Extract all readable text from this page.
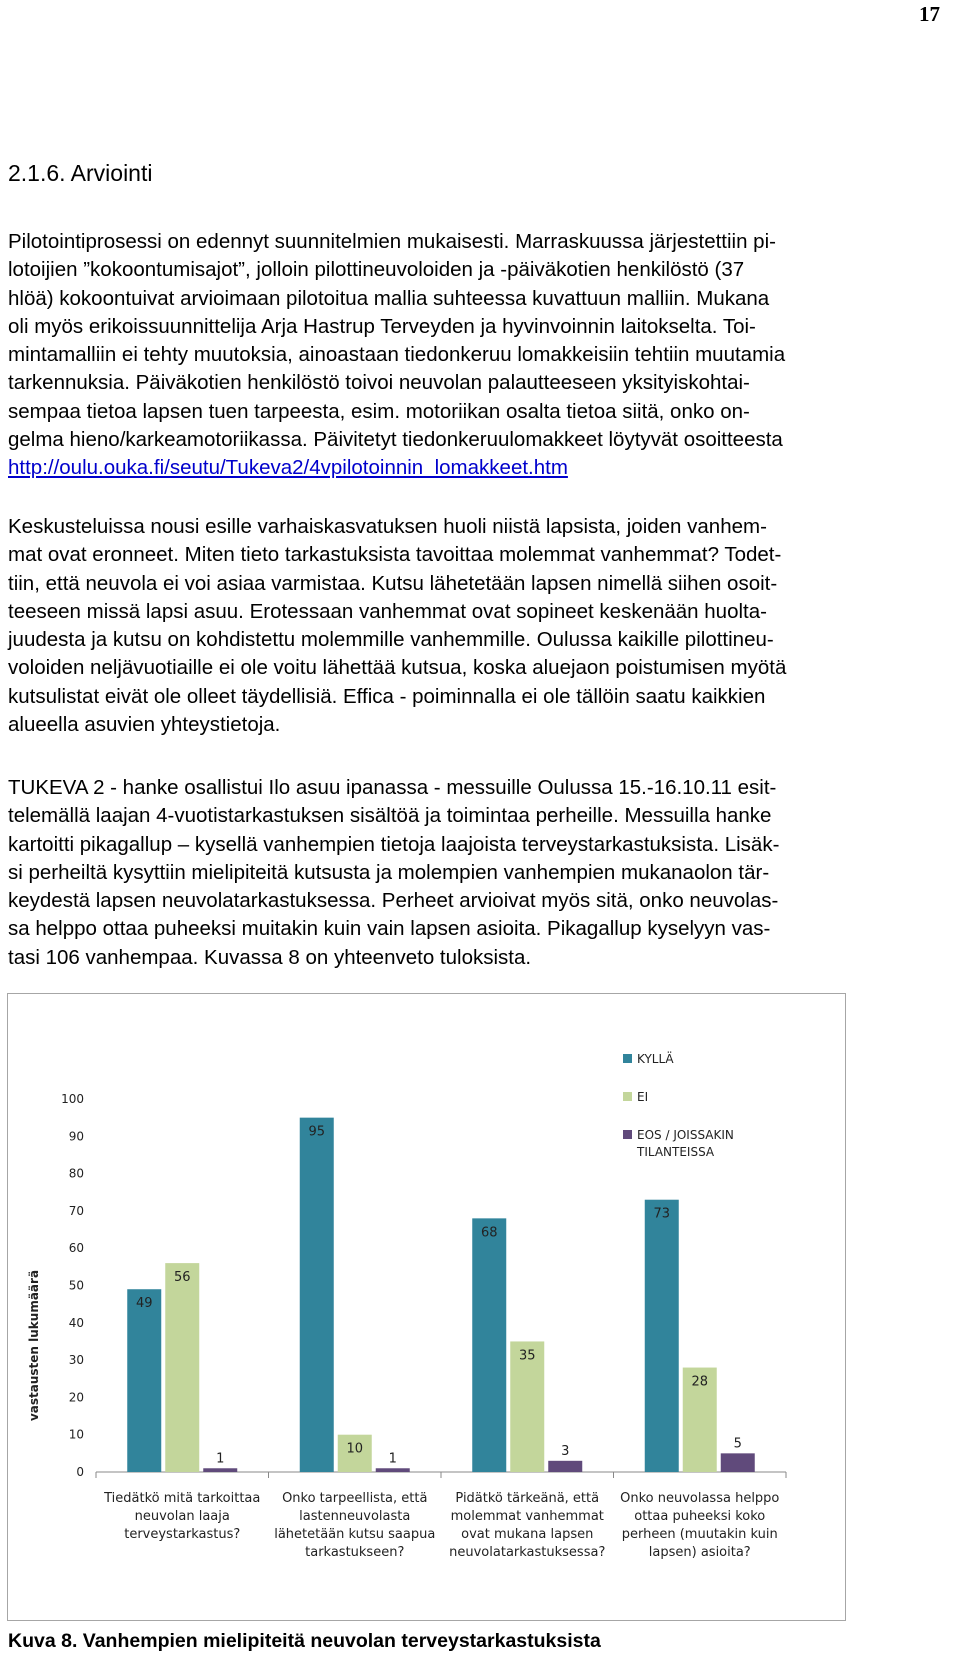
17
2.1.6. Arviointi

Pilotointiprosessi on edennyt suunnitelmien mukaisesti. Marraskuussa järjestettiin pi-
lotoijien ”kokoontumisajot”, jolloin pilottineuvoloiden ja -päiväkotien henkilöstö (37
hlöä) kokoontuivat arvioimaan pilotoitua mallia suhteessa kuvattuun malliin. Mukana
oli myös erikoissuunnittelija Arja Hastrup Terveyden ja hyvinvoinnin laitokselta. Toi-
mintamalliin ei tehty muutoksia, ainoastaan tiedonkeruu lomakkeisiin tehtiin muutamia
tarkennuksia. Päiväkotien henkilöstö toivoi neuvolan palautteeseen yksityiskohtai-
sempaa tietoa lapsen tuen tarpeesta, esim. motoriikan osalta tietoa siitä, onko on-
gelma hieno/karkeamotoriikassa. Päivitetyt tiedonkeruulomakkeet löytyvät osoitteesta
http://oulu.ouka.fi/seutu/Tukeva2/4vpilotoinnin_lomakkeet.htm

Keskusteluissa nousi esille varhaiskasvatuksen huoli niistä lapsista, joiden vanhem-
mat ovat eronneet. Miten tieto tarkastuksista tavoittaa molemmat vanhemmat? Todet-
tiin, että neuvola ei voi asiaa varmistaa. Kutsu lähetetään lapsen nimellä siihen osoit-
teeseen missä lapsi asuu. Erotessaan vanhemmat ovat sopineet keskenään huolta-
juudesta ja kutsu on kohdistettu molemmille vanhemmille. Oulussa kaikille pilottineu-
voloiden neljävuotiaille ei ole voitu lähettää kutsua, koska aluejaon poistumisen myötä
kutsulistat eivät ole olleet täydellisiä. Effica - poiminnalla ei ole tällöin saatu kaikkien
alueella asuvien yhteystietoja.

TUKEVA 2 - hanke osallistui Ilo asuu ipanassa - messuille Oulussa 15.-16.10.11 esit-
telemällä laajan 4-vuotistarkastuksen sisältöä ja toimintaa perheille. Messuilla hanke
kartoitti pikagallup – kysellä vanhempien tietoja laajoista terveystarkastuksista. Lisäk-
si perheiltä kysyttiin mielipiteitä kutsusta ja molempien vanhempien mukanaolon tär-
keydestä lapsen neuvolatarkastuksessa. Perheet arvioivat myös sitä, onko neuvolas-
sa helppo ottaa puheeksi muitakin kuin vain lapsen asioita. Pikagallup kyselyyn vas-
tasi 106 vanhempaa. Kuvassa 8 on yhteenveto tuloksista.

0
10
20
30
40
50
60
70
80
90
100
vastausten lukumäärä
Tiedätkö mitä tarkoittaa
neuvolan laaja
terveystarkastus?
49
56
1
Onko tarpeellista, että
lastenneuvolasta
lähetetään kutsu saapua
tarkastukseen?
95
10
1
Pidätkö tärkeänä, että
molemmat vanhemmat
ovat mukana lapsen
neuvolatarkastuksessa?
68
35
3
Onko neuvolassa helppo
ottaa puheeksi koko
perheen (muutakin kuin
lapsen) asioita?
73
28
5
KYLLÄ
EI
EOS / JOISSAKIN
TILANTEISSA
Kuva 8. Vanhempien mielipiteitä neuvolan terveystarkastuksista
